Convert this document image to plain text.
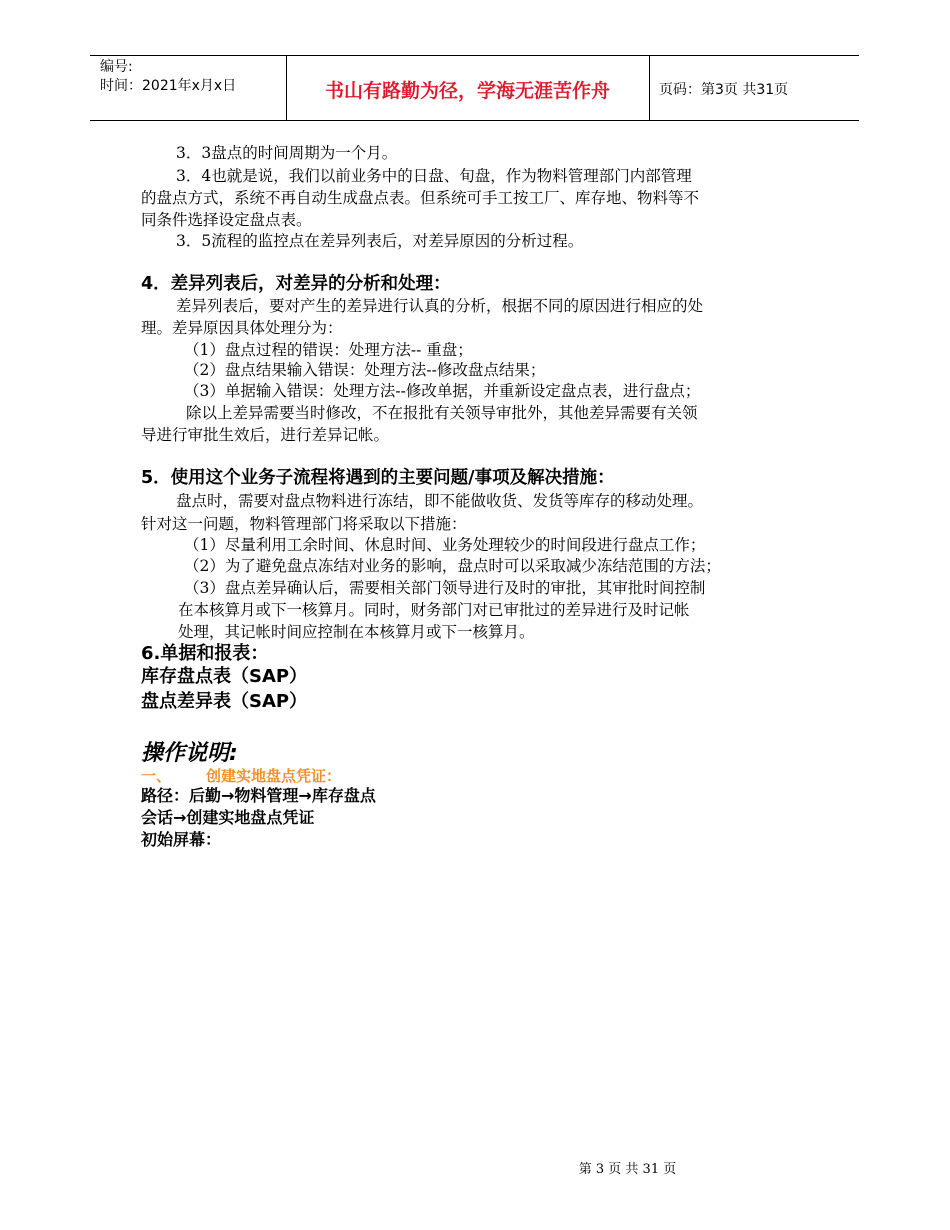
编号:
时间：2021年x月x日	书山有路勤为径，学海无涯苦作舟	页码：第3页 共31页
3．3盘点的时间周期为一个月。
3．4也就是说，我们以前业务中的日盘、旬盘，作为物料管理部门内部管理
的盘点方式，系统不再自动生成盘点表。但系统可手工按工厂、库存地、物料等不
同条件选择设定盘点表。
3．5流程的监控点在差异列表后，对差异原因的分析过程。
4．差异列表后，对差异的分析和处理：
差异列表后，要对产生的差异进行认真的分析，根据不同的原因进行相应的处
理。差异原因具体处理分为：
（1）盘点过程的错误：处理方法-- 重盘；
（2）盘点结果输入错误：处理方法--修改盘点结果；
（3）单据输入错误：处理方法--修改单据，并重新设定盘点表，进行盘点；
除以上差异需要当时修改，不在报批有关领导审批外，其他差异需要有关领
导进行审批生效后，进行差异记帐。
5．使用这个业务子流程将遇到的主要问题/事项及解决措施：
盘点时，需要对盘点物料进行冻结，即不能做收货、发货等库存的移动处理。
针对这一问题，物料管理部门将采取以下措施：
（1）尽量利用工余时间、休息时间、业务处理较少的时间段进行盘点工作；
（2）为了避免盘点冻结对业务的影响，盘点时可以采取减少冻结范围的方法；
（3）盘点差异确认后，需要相关部门领导进行及时的审批，其审批时间控制
在本核算月或下一核算月。同时，财务部门对已审批过的差异进行及时记帐
处理，其记帐时间应控制在本核算月或下一核算月。
6.单据和报表：
库存盘点表（SAP）
盘点差异表（SAP）
操作说明:
一、 创建实地盘点凭证：
路径：后勤→物料管理→库存盘点
会话→创建实地盘点凭证
初始屏幕：
第 3 页 共 31 页
